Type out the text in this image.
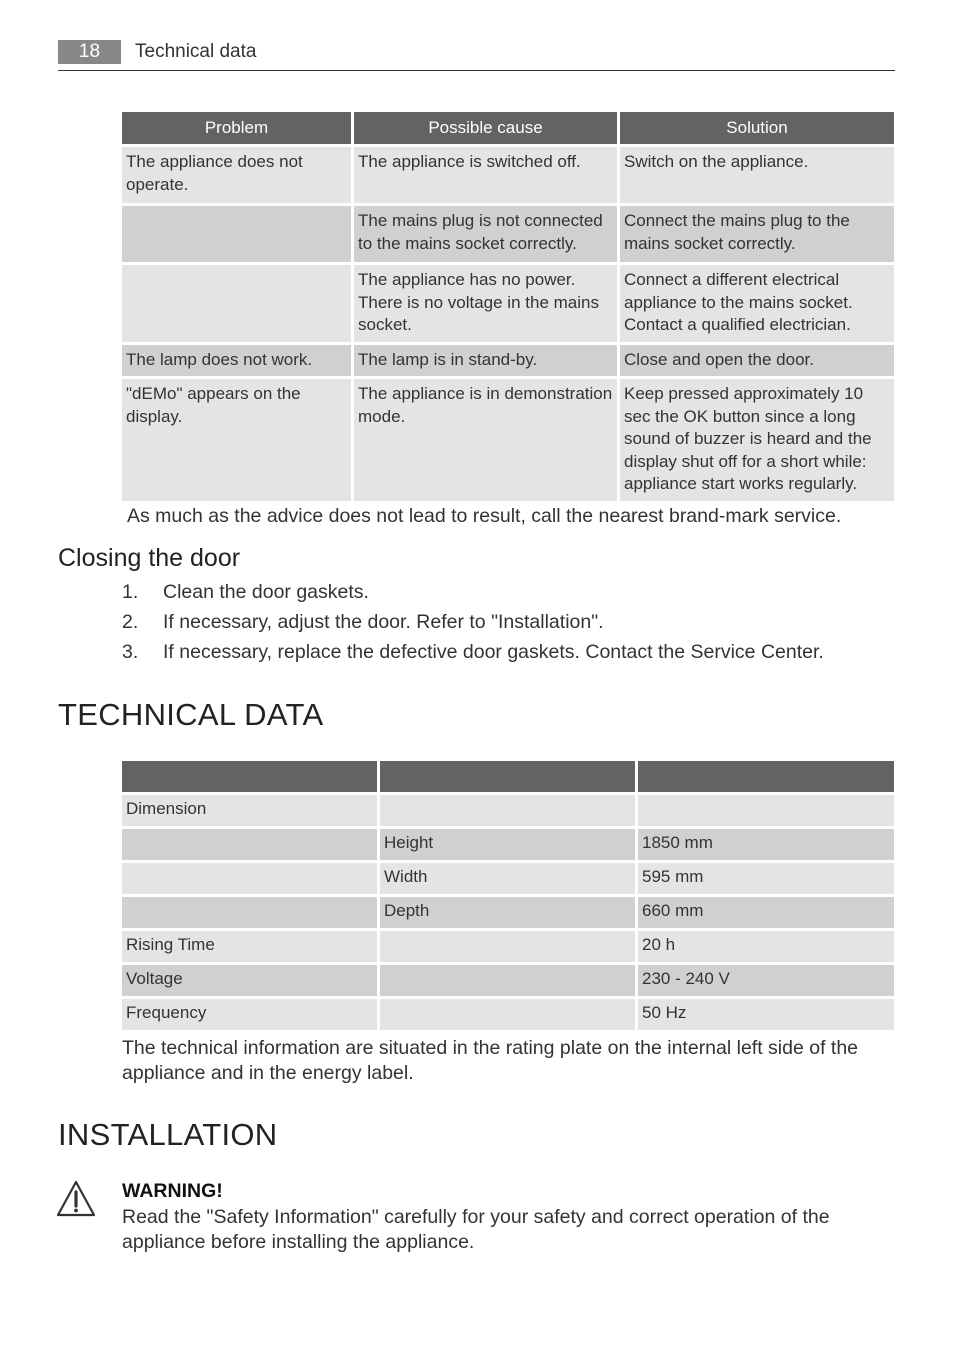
18	Technical data
Problem	Possible cause	Solution
The appliance does not operate.	The appliance is switched off.	Switch on the appliance.
	The mains plug is not connected to the mains socket correctly.	Connect the mains plug to the mains socket correctly.
	The appliance has no power. There is no voltage in the mains socket.	Connect a different electrical appliance to the mains socket. Contact a qualified electrician.
The lamp does not work.	The lamp is in stand-by.	Close and open the door.
"dEMo" appears on the display.	The appliance is in demonstration mode.	Keep pressed approximately 10 sec the OK button since a long sound of buzzer is heard and the display shut off for a short while: appliance start works regularly.
As much as the advice does not lead to result, call the nearest brand-mark service.
Closing the door
1. Clean the door gaskets.
2. If necessary, adjust the door. Refer to "Installation".
3. If necessary, replace the defective door gaskets. Contact the Service Center.
TECHNICAL DATA

Dimension		
	Height	1850 mm
	Width	595 mm
	Depth	660 mm
Rising Time		20 h
Voltage		230 - 240 V
Frequency		50 Hz
The technical information are situated in the rating plate on the internal left side of the appliance and in the energy label.
INSTALLATION
WARNING!
Read the "Safety Information" carefully for your safety and correct operation of the appliance before installing the appliance.
